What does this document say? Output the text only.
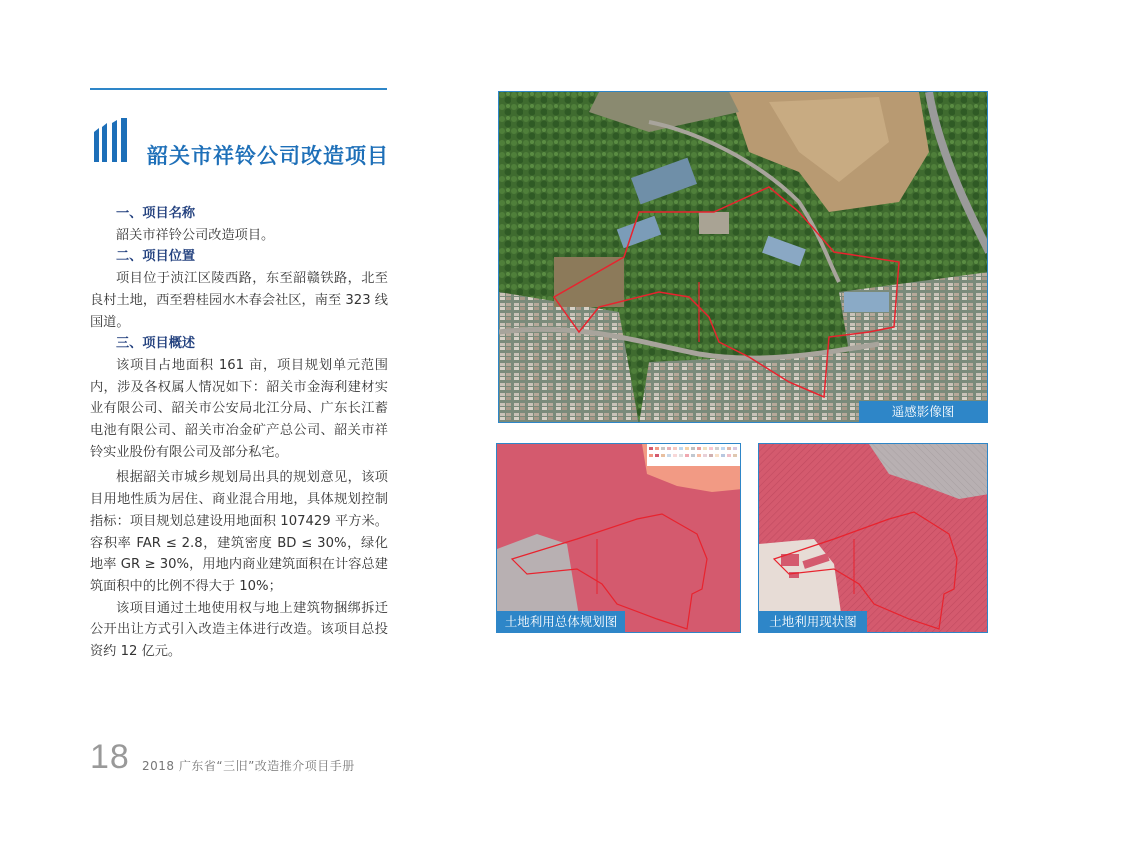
韶关市祥铃公司改造项目
一、项目名称
韶关市祥铃公司改造项目。
二、项目位置
项目位于浈江区陵西路，东至韶赣铁路，北至良村土地，西至碧桂园水木春会社区，南至 323 线国道。
三、项目概述
该项目占地面积 161 亩，项目规划单元范围内，涉及各权属人情况如下：韶关市金海利建材实业有限公司、韶关市公安局北江分局、广东长江蓄电池有限公司、韶关市冶金矿产总公司、韶关市祥铃实业股份有限公司及部分私宅。
根据韶关市城乡规划局出具的规划意见，该项目用地性质为居住、商业混合用地，具体规划控制指标：项目规划总建设用地面积 107429 平方米。容积率 FAR ≤ 2.8，建筑密度 BD ≤ 30%，绿化地率 GR ≥ 30%，用地内商业建筑面积在计容总建筑面积中的比例不得大于 10%；
该项目通过土地使用权与地上建筑物捆绑拆迁公开出让方式引入改造主体进行改造。该项目总投资约 12 亿元。
遥感影像图
土地利用总体规划图	土地利用现状图
18 2018 广东省“三旧”改造推介项目手册
